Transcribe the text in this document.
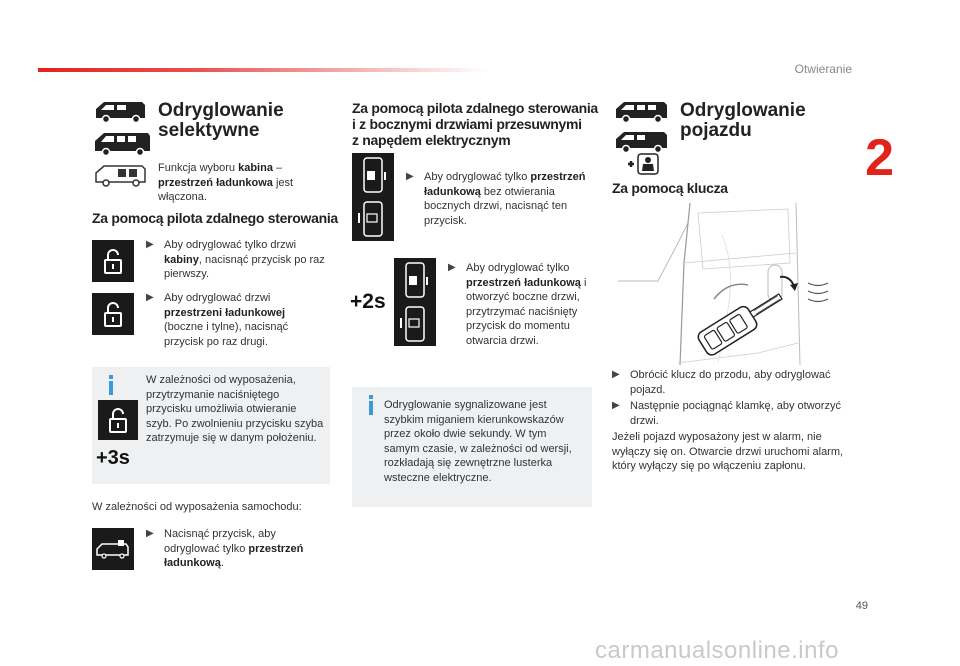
Otwieranie
2
Odryglowanie
selektywne
Funkcja wyboru kabina – przestrzeń ładunkowa jest włączona.
Za pomocą pilota zdalnego sterowania
▶ Aby odryglować tylko drzwi kabiny, nacisnąć przycisk po raz pierwszy.
▶ Aby odryglować drzwi przestrzeni ładunkowej (boczne i tylne), nacisnąć przycisk po raz drugi.
+3s
W zależności od wyposażenia, przytrzymanie naciśniętego przycisku umożliwia otwieranie szyb. Po zwolnieniu przycisku szyba zatrzymuje się w danym położeniu.
W zależności od wyposażenia samochodu:
▶ Nacisnąć przycisk, aby odryglować tylko przestrzeń ładunkową.
Za pomocą pilota zdalnego sterowania
i z bocznymi drzwiami przesuwnymi
z napędem elektrycznym
▶ Aby odryglować tylko przestrzeń ładunkową bez otwierania bocznych drzwi, nacisnąć ten przycisk.
+2s
▶ Aby odryglować tylko przestrzeń ładunkową i otworzyć boczne drzwi, przytrzymać naciśnięty przycisk do momentu otwarcia drzwi.
Odryglowanie sygnalizowane jest szybkim miganiem kierunkowskazów przez około dwie sekundy. W tym samym czasie, w zależności od wersji, rozkładają się zewnętrzne lusterka wsteczne elektryczne.
Odryglowanie
pojazdu
Za pomocą klucza
▶ Obrócić klucz do przodu, aby odryglować pojazd.
▶ Następnie pociągnąć klamkę, aby otworzyć drzwi.
Jeżeli pojazd wyposażony jest w alarm, nie wyłączy się on. Otwarcie drzwi uruchomi alarm, który wyłączy się po włączeniu zapłonu.
49
carmanualsonline.info
